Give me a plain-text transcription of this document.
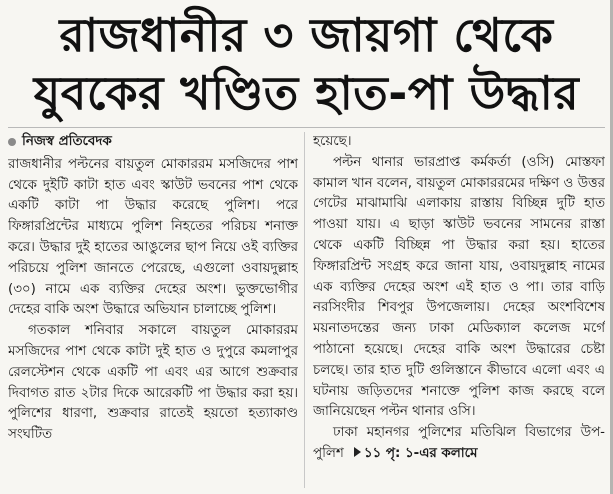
রাজধানীর ৩ জায়গা থেকে
যুবকের খণ্ডিত হাত-পা উদ্ধার
নিজস্ব প্রতিবেদক

রাজধানীর পল্টনের বায়তুল মোকাররম মসজিদের পাশ থেকে দুইটি কাটা হাত এবং স্কাউট ভবনের পাশ থেকে একটি কাটা পা উদ্ধার করেছে পুলিশ। পরে ফিঙ্গারপ্রিন্টের মাধ্যমে পুলিশ নিহতের পরিচয় শনাক্ত করে। উদ্ধার দুই হাতের আঙুলের ছাপ নিয়ে ওই ব্যক্তির পরিচয়ে পুলিশ জানতে পেরেছে, এগুলো ওবায়দুল্লাহ (৩০) নামে এক ব্যক্তির দেহের অংশ। ভুক্তভোগীর দেহের বাকি অংশ উদ্ধারে অভিযান চালাচ্ছে পুলিশ।

গতকাল শনিবার সকালে বায়তুল মোকাররম মসজিদের পাশ থেকে কাটা দুই হাত ও দুপুরে কমলাপুর রেলস্টেশন থেকে একটি পা এবং এর আগে শুক্রবার দিবাগত রাত ২টার দিকে আরেকটি পা উদ্ধার করা হয়। পুলিশের ধারণা, শুক্রবার রাতেই হয়তো হত্যাকাণ্ড সংঘটিত

হয়েছে।

পল্টন থানার ভারপ্রাপ্ত কর্মকর্তা (ওসি) মোস্তফা কামাল খান বলেন, বায়তুল মোকাররমের দক্ষিণ ও উত্তর গেটের মাঝামাঝি এলাকায় রাস্তায় বিচ্ছিন্ন দুটি হাত পাওয়া যায়। এ ছাড়া স্কাউট ভবনের সামনের রাস্তা থেকে একটি বিচ্ছিন্ন পা উদ্ধার করা হয়। হাতের ফিঙ্গারপ্রিন্ট সংগ্রহ করে জানা যায়, ওবায়দুল্লাহ নামের এক ব্যক্তির দেহের অংশ এই হাত ও পা। তার বাড়ি নরসিংদীর শিবপুর উপজেলায়। দেহের অংশবিশেষ ময়নাতদন্তের জন্য ঢাকা মেডিক্যাল কলেজ মর্গে পাঠানো হয়েছে। দেহের বাকি অংশ উদ্ধারের চেষ্টা চলছে। তার হাত দুটি গুলিস্তানে কীভাবে এলো এবং এ ঘটনায় জড়িতদের শনাক্তে পুলিশ কাজ করছে বলে জানিয়েছেন পল্টন থানার ওসি।

ঢাকা মহানগর পুলিশের মতিঝিল বিভাগের উপ-পুলিশ ১১ পৃ: ১-এর কলামে
